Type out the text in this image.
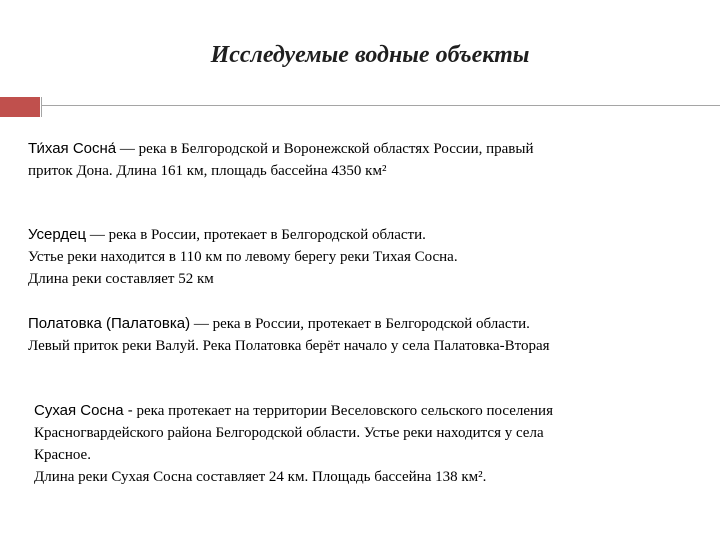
Исследуемые водные объекты
Ти́хая Сосна́ — река в Белгородской и Воронежской областях России, правый
приток Дона. Длина 161 км, площадь бассейна 4350 км²
Усердец — река в России, протекает в Белгородской области.
Устье реки находится в 110 км по левому берегу реки Тихая Сосна.
Длина реки составляет 52 км
Полатовка (Палатовка) — река в России, протекает в Белгородской области.
Левый приток реки Валуй. Река Полатовка берёт начало у села Палатовка-Вторая
Сухая Сосна - река протекает на территории Веселовского сельского поселения
Красногвардейского района Белгородской области. Устье реки находится у села
Красное.
Длина реки Сухая Сосна составляет 24 км. Площадь бассейна 138 км².
